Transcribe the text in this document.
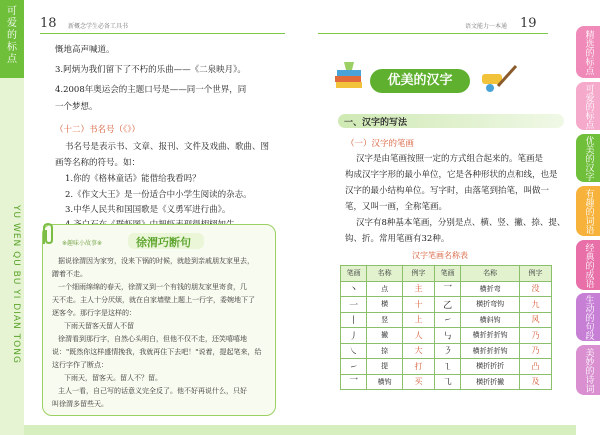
可爱的标点
YU WEN QU BU YI DIAN TONG
18 新概念学生必备工具书
慨地高声喊道。
3.阿炳为我们留下了不朽的乐曲——《二泉映月》。
4.2008年奥运会的主题口号是——同一个世界，同
一个梦想。
（十二）书名号（《》）
书名号是表示书、文章、报刊、文件及戏曲、歌曲、图
画等名称的符号。如：
1.你的《格林童话》能借给我看吗？
2.《作文大王》是一份适合中小学生阅读的杂志。
3.中华人民共和国国歌是《义勇军进行曲》。
※趣味小故事※	徐渭巧断句
据说徐渭因为家穷，没来下锅的时候，就趁到亲戚朋友家里去，
蹭着不走。
一个细雨绵绵的春天，徐渭又到一个有钱的朋友家里寄食，几
天不走。主人十分厌烦，就在自家墙壁上题上一行字，委婉地下了
逐客令。那行字是这样的：
下雨天留客天留人不留
徐渭看到那行字，自然心头明白，但他不仅不走，还笑嘻嘻地
说："既然你这样盛情挽我，我就再住下去吧！"说着，提起笔来，给
这行字作了断点：
下雨天，留客天。留人不？留。
主人一看，自己写的话意义完全反了。他不好再说什么，只好
叫徐渭多留些天。
语文能力一本通 19
优美的汉字
一、汉字的写法
（一）汉字的笔画
汉字是由笔画按照一定的方式组合起来的。笔画是
构成汉字字形的最小单位，它是各种形状的点和线，也是
汉字的最小结构单位。写字时，由落笔到抬笔，叫做一
笔，又叫一画，全称笔画。
汉字有8种基本笔画，分别是点、横、竖、撇、捺、提、
钩、折。常用笔画有32种。
汉字笔画名称表
笔画	名称	例字	笔画	名称	例字
丶	点	主	乛	横折弯	没
一	横	十	乙	横折弯钩	九
丨	竖	上	㇀	横斜钩	风
丿	撇	人	㇉	横折折折钩	乃
㇏	捺	大	㇋	横折折折钩	乃
㇀	提	打	㇅	横折折折	凸
乛	横钩	买	㇈	横折折撇	及
精选的标点
可爱的标点
优美的汉字
有趣的词语
经典的成语
生动的句段
美妙的诗词
